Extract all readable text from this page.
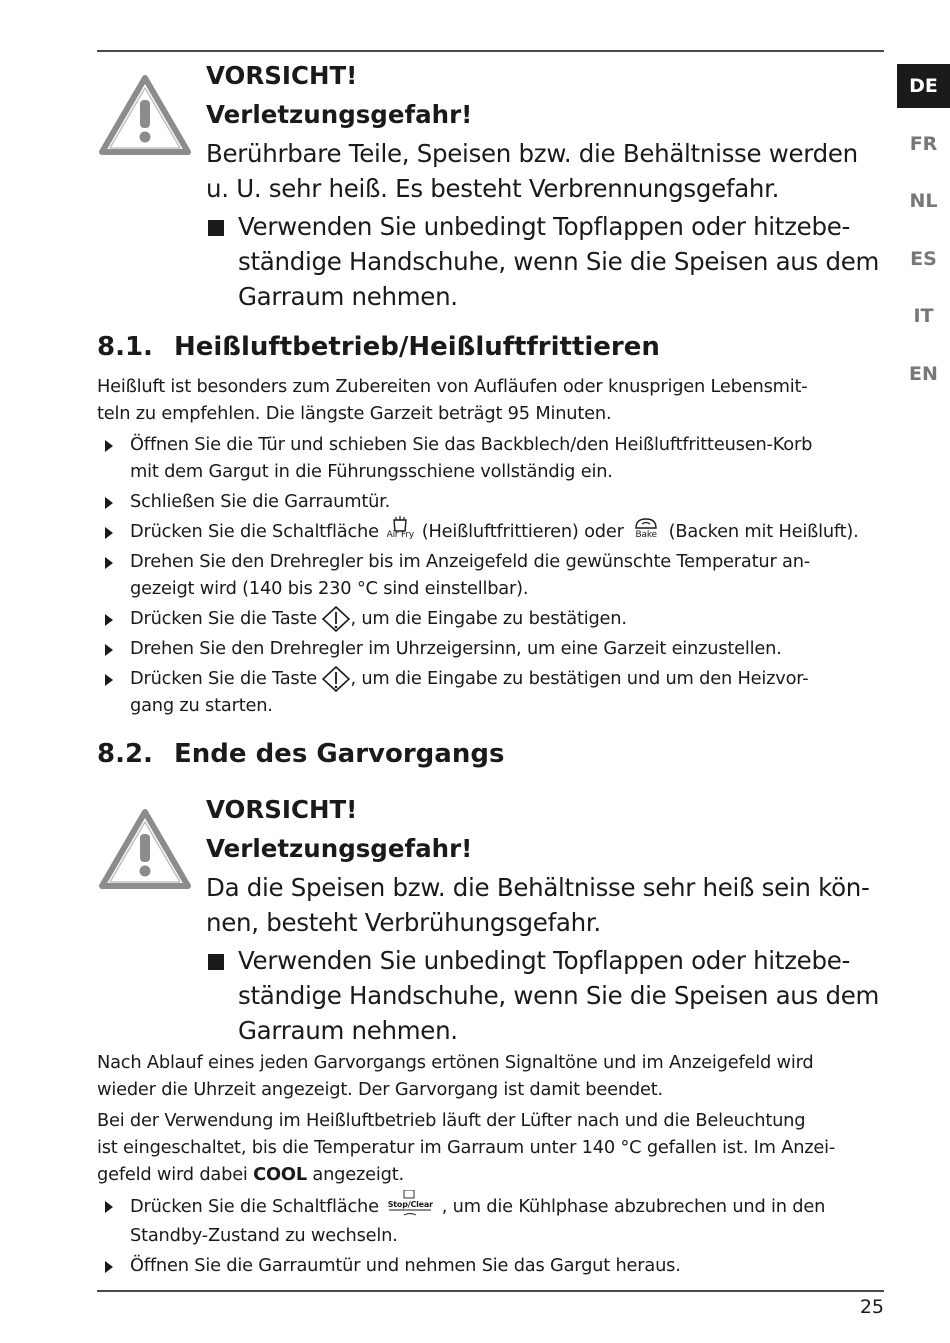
DE
FR
NL
ES
IT
EN
VORSICHT!
Verletzungsgefahr!
Berührbare Teile, Speisen bzw. die Behältnisse werden
u. U. sehr heiß. Es besteht Verbrennungsgefahr.
Verwenden Sie unbedingt Topflappen oder hitzebe-
ständige Handschuhe, wenn Sie die Speisen aus dem
Garraum nehmen.
8.1. Heißluftbetrieb/Heißluftfrittieren
Heißluft ist besonders zum Zubereiten von Aufläufen oder knusprigen Lebensmit-
teln zu empfehlen. Die längste Garzeit beträgt 95 Minuten.
Öffnen Sie die Tür und schieben Sie das Backblech/den Heißluftfritteusen-Korb
mit dem Gargut in die Führungsschiene vollständig ein.
Schließen Sie die Garraumtür.
Drücken Sie die Schaltfläche Air Fry (Heißluftfrittieren) oder Bake (Backen mit Heißluft).
Drehen Sie den Drehregler bis im Anzeigefeld die gewünschte Temperatur an-
gezeigt wird (140 bis 230 °C sind einstellbar).
Drücken Sie die Taste , um die Eingabe zu bestätigen.
Drehen Sie den Drehregler im Uhrzeigersinn, um eine Garzeit einzustellen.
Drücken Sie die Taste , um die Eingabe zu bestätigen und um den Heizvor-
gang zu starten.
8.2. Ende des Garvorgangs
VORSICHT!
Verletzungsgefahr!
Da die Speisen bzw. die Behältnisse sehr heiß sein kön-
nen, besteht Verbrühungsgefahr.
Verwenden Sie unbedingt Topflappen oder hitzebe-
ständige Handschuhe, wenn Sie die Speisen aus dem
Garraum nehmen.
Nach Ablauf eines jeden Garvorgangs ertönen Signaltöne und im Anzeigefeld wird
wieder die Uhrzeit angezeigt. Der Garvorgang ist damit beendet.
Bei der Verwendung im Heißluftbetrieb läuft der Lüfter nach und die Beleuchtung
ist eingeschaltet, bis die Temperatur im Garraum unter 140 °C gefallen ist. Im Anzei-
gefeld wird dabei COOL angezeigt.
Drücken Sie die Schaltfläche Stop/Clear , um die Kühlphase abzubrechen und in den
Standby-Zustand zu wechseln.
Öffnen Sie die Garraumtür und nehmen Sie das Gargut heraus.
25
